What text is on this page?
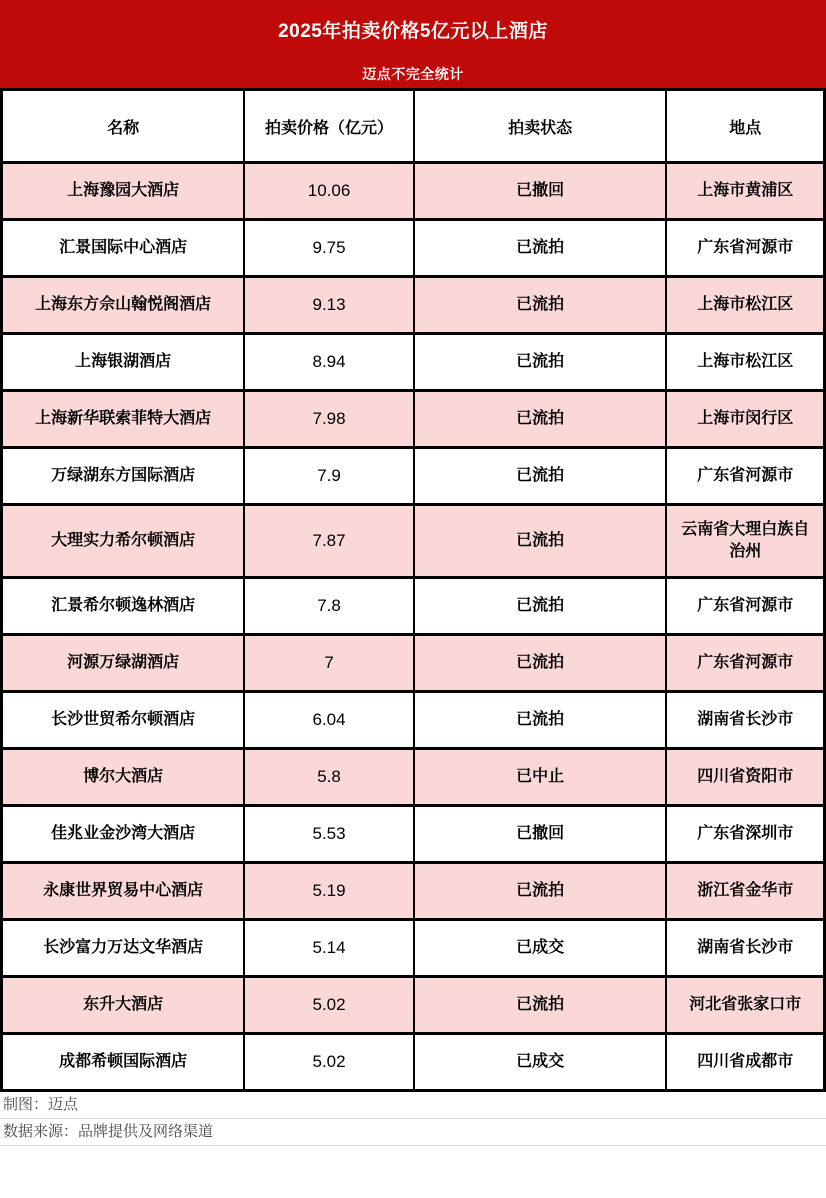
2025年拍卖价格5亿元以上酒店
迈点不完全统计
名称	拍卖价格（亿元）	拍卖状态	地点
上海豫园大酒店	10.06	已撤回	上海市黄浦区
汇景国际中心酒店	9.75	已流拍	广东省河源市
上海东方佘山翰悦阁酒店	9.13	已流拍	上海市松江区
上海银湖酒店	8.94	已流拍	上海市松江区
上海新华联索菲特大酒店	7.98	已流拍	上海市闵行区
万绿湖东方国际酒店	7.9	已流拍	广东省河源市
大理实力希尔顿酒店	7.87	已流拍	云南省大理白族自治州
汇景希尔顿逸林酒店	7.8	已流拍	广东省河源市
河源万绿湖酒店	7	已流拍	广东省河源市
长沙世贸希尔顿酒店	6.04	已流拍	湖南省长沙市
博尔大酒店	5.8	已中止	四川省资阳市
佳兆业金沙湾大酒店	5.53	已撤回	广东省深圳市
永康世界贸易中心酒店	5.19	已流拍	浙江省金华市
长沙富力万达文华酒店	5.14	已成交	湖南省长沙市
东升大酒店	5.02	已流拍	河北省张家口市
成都希顿国际酒店	5.02	已成交	四川省成都市
制图：迈点
数据来源：品牌提供及网络渠道
